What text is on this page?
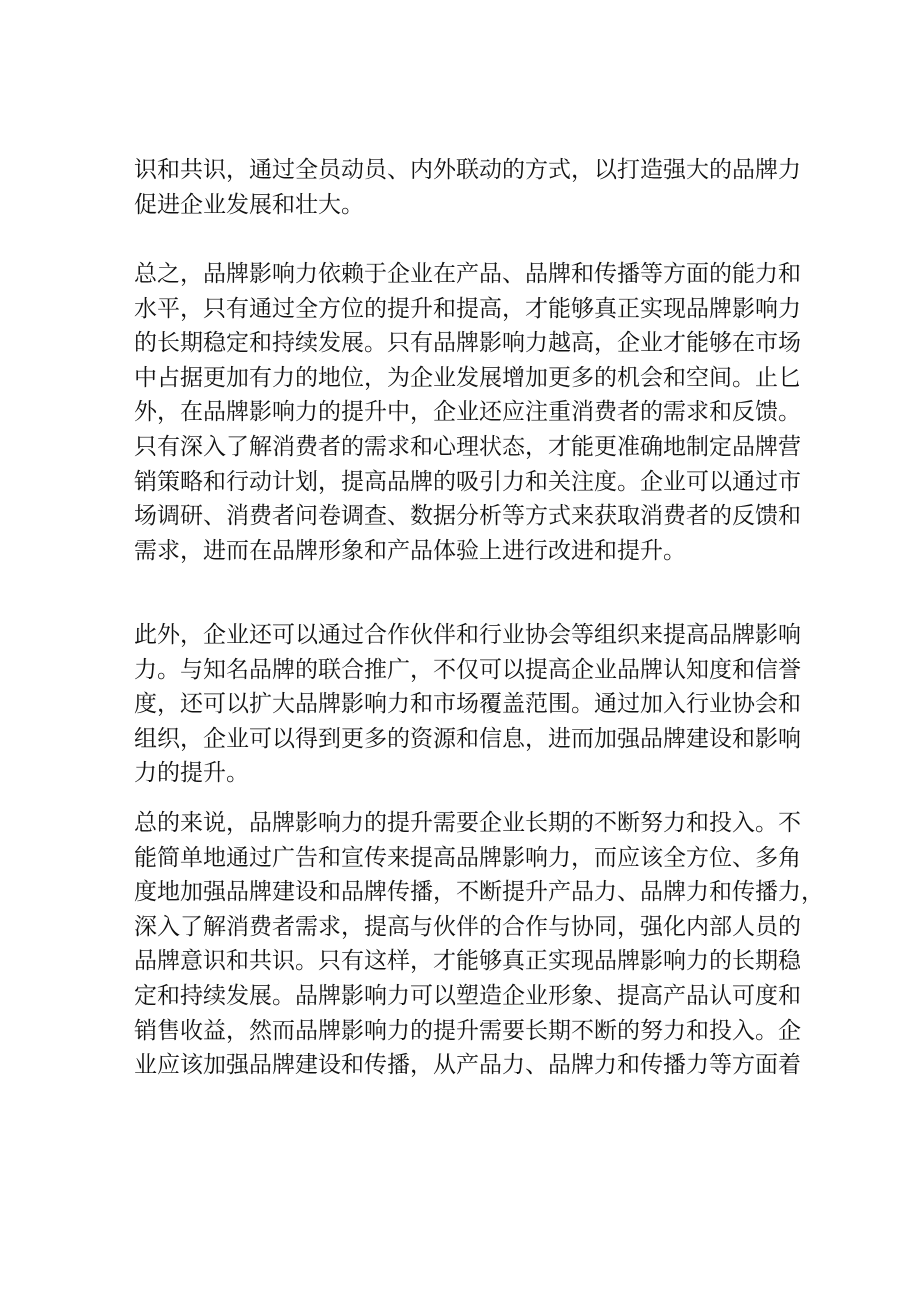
识和共识，通过全员动员、内外联动的方式，以打造强大的品牌力
促进企业发展和壮大。
总之，品牌影响力依赖于企业在产品、品牌和传播等方面的能力和
水平，只有通过全方位的提升和提高，才能够真正实现品牌影响力
的长期稳定和持续发展。只有品牌影响力越高，企业才能够在市场
中占据更加有力的地位，为企业发展增加更多的机会和空间。止匕
外，在品牌影响力的提升中，企业还应注重消费者的需求和反馈。
只有深入了解消费者的需求和心理状态，才能更准确地制定品牌营
销策略和行动计划，提高品牌的吸引力和关注度。企业可以通过市
场调研、消费者问卷调查、数据分析等方式来获取消费者的反馈和
需求，进而在品牌形象和产品体验上进行改进和提升。
此外，企业还可以通过合作伙伴和行业协会等组织来提高品牌影响
力。与知名品牌的联合推广，不仅可以提高企业品牌认知度和信誉
度，还可以扩大品牌影响力和市场覆盖范围。通过加入行业协会和
组织，企业可以得到更多的资源和信息，进而加强品牌建设和影响
力的提升。
总的来说，品牌影响力的提升需要企业长期的不断努力和投入。不
能简单地通过广告和宣传来提高品牌影响力，而应该全方位、多角
度地加强品牌建设和品牌传播，不断提升产品力、品牌力和传播力，
深入了解消费者需求，提高与伙伴的合作与协同，强化内部人员的
品牌意识和共识。只有这样，才能够真正实现品牌影响力的长期稳
定和持续发展。品牌影响力可以塑造企业形象、提高产品认可度和
销售收益，然而品牌影响力的提升需要长期不断的努力和投入。企
业应该加强品牌建设和传播，从产品力、品牌力和传播力等方面着
